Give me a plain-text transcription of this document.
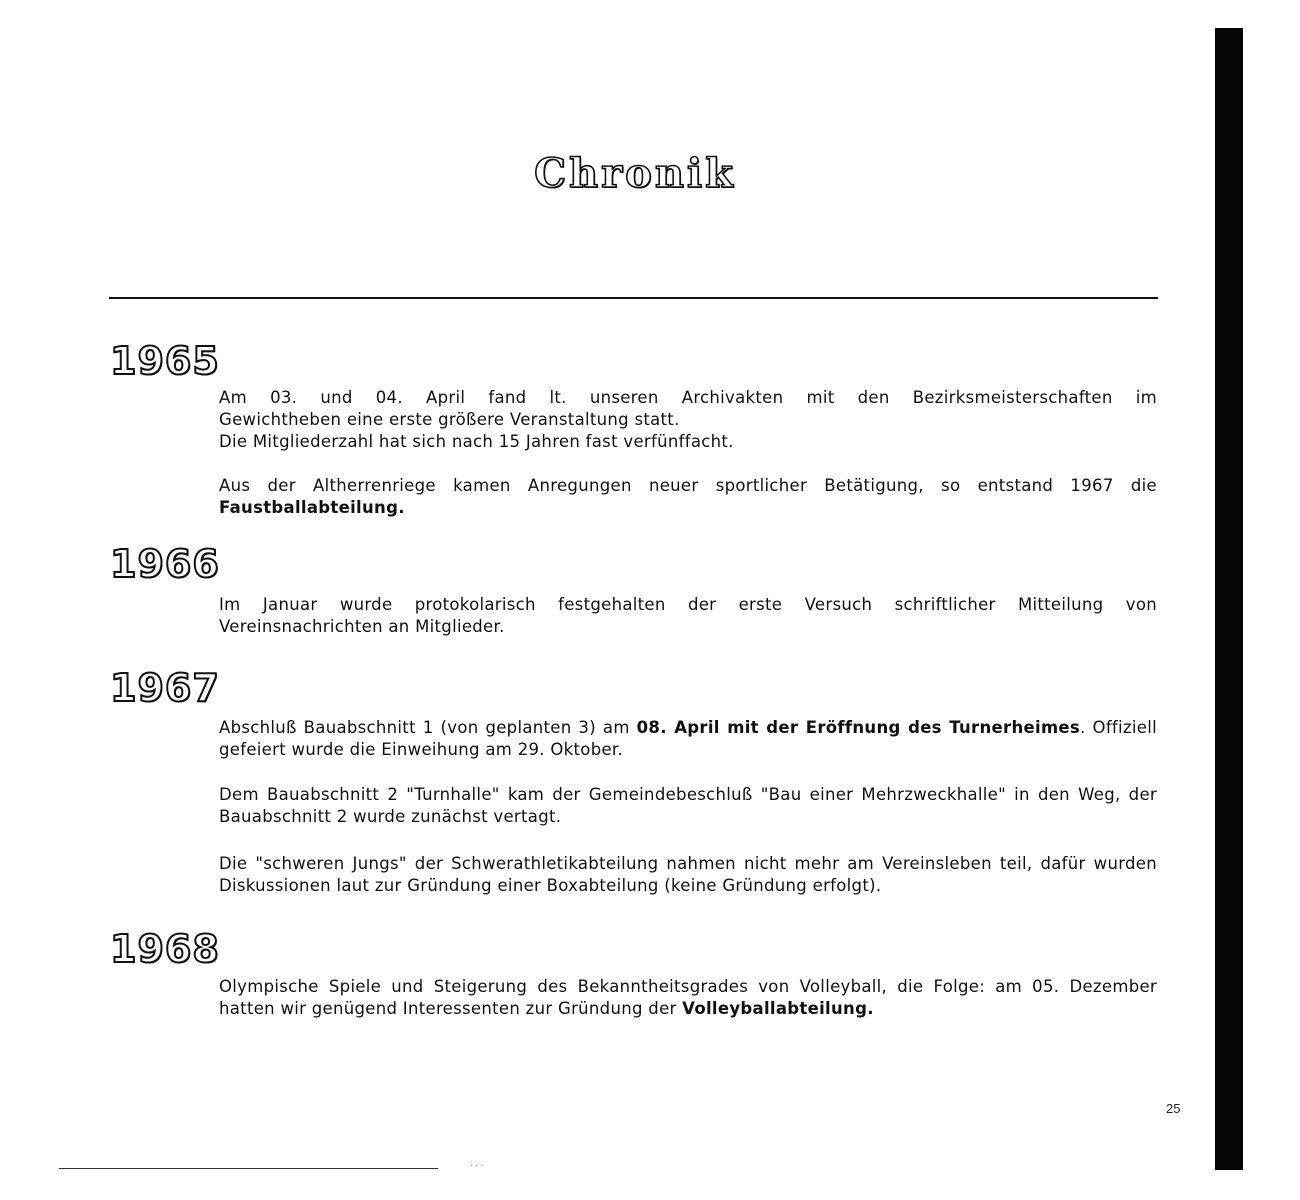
Chronik
1965
Am 03. und 04. April fand lt. unseren Archivakten mit den Bezirksmeisterschaften im
Gewichtheben eine erste größere Veranstaltung statt.
Die Mitgliederzahl hat sich nach 15 Jahren fast verfünffacht.
Aus der Altherrenriege kamen Anregungen neuer sportlicher Betätigung, so entstand 1967 die Faustballabteilung.
1966
Im Januar wurde protokolarisch festgehalten der erste Versuch schriftlicher Mitteilung von Vereinsnachrichten an Mitglieder.
1967
Abschluß Bauabschnitt 1 (von geplanten 3) am 08. April mit der Eröffnung des Turnerheimes. Offiziell gefeiert wurde die Einweihung am 29. Oktober.
Dem Bauabschnitt 2 "Turnhalle" kam der Gemeindebeschluß "Bau einer Mehrzweckhalle" in den Weg, der Bauabschnitt 2 wurde zunächst vertagt.
Die "schweren Jungs" der Schwerathletikabteilung nahmen nicht mehr am Vereinsleben teil, dafür wurden Diskussionen laut zur Gründung einer Boxabteilung (keine Gründung erfolgt).
1968
Olympische Spiele und Steigerung des Bekanntheitsgrades von Volleyball, die Folge: am 05. Dezember hatten wir genügend Interessenten zur Gründung der Volleyballabteilung.
25
...
